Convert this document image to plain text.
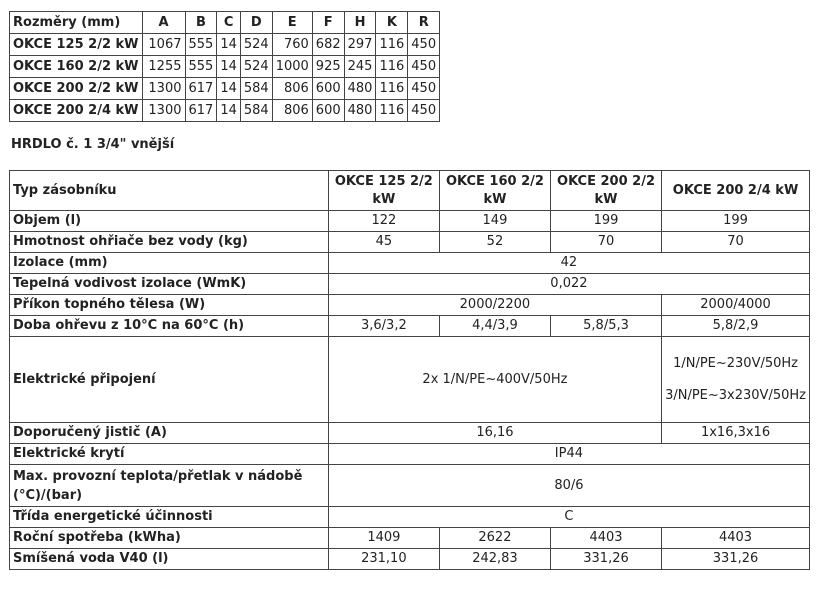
Rozměry (mm)	A	B	C	D	E	F	H	K	R
OKCE 125 2/2 kW	1067	555	14	524	760	682	297	116	450
OKCE 160 2/2 kW	1255	555	14	524	1000	925	245	116	450
OKCE 200 2/2 kW	1300	617	14	584	806	600	480	116	450
OKCE 200 2/4 kW	1300	617	14	584	806	600	480	116	450
HRDLO č. 1 3/4" vnější
Typ zásobníku	OKCE 125 2/2 kW	OKCE 160 2/2 kW	OKCE 200 2/2 kW	OKCE 200 2/4 kW
Objem (l)	122	149	199	199
Hmotnost ohřiače bez vody (kg)	45	52	70	70
Izolace (mm)	42			
Tepelná vodivost izolace (WmK)	0,022			
Příkon topného tělesa (W)	2000/2200			2000/4000
Doba ohřevu z 10°C na 60°C (h)	3,6/3,2	4,4/3,9	5,8/5,3	5,8/2,9
Elektrické připojení	2x 1/N/PE~400V/50Hz			1/N/PE~230V/50Hz
3/N/PE~3x230V/50Hz

Doporučený jistič (A)	16,16			1x16,3x16
Elektrické krytí	IP44			
Max. provozní teplota/přetlak v nádobě (°C)/(bar)	80/6			
Třída energetické účinnosti	C			
Roční spotřeba (kWha)	1409	2622	4403	4403
Smíšená voda V40 (l)	231,10	242,83	331,26	331,26
